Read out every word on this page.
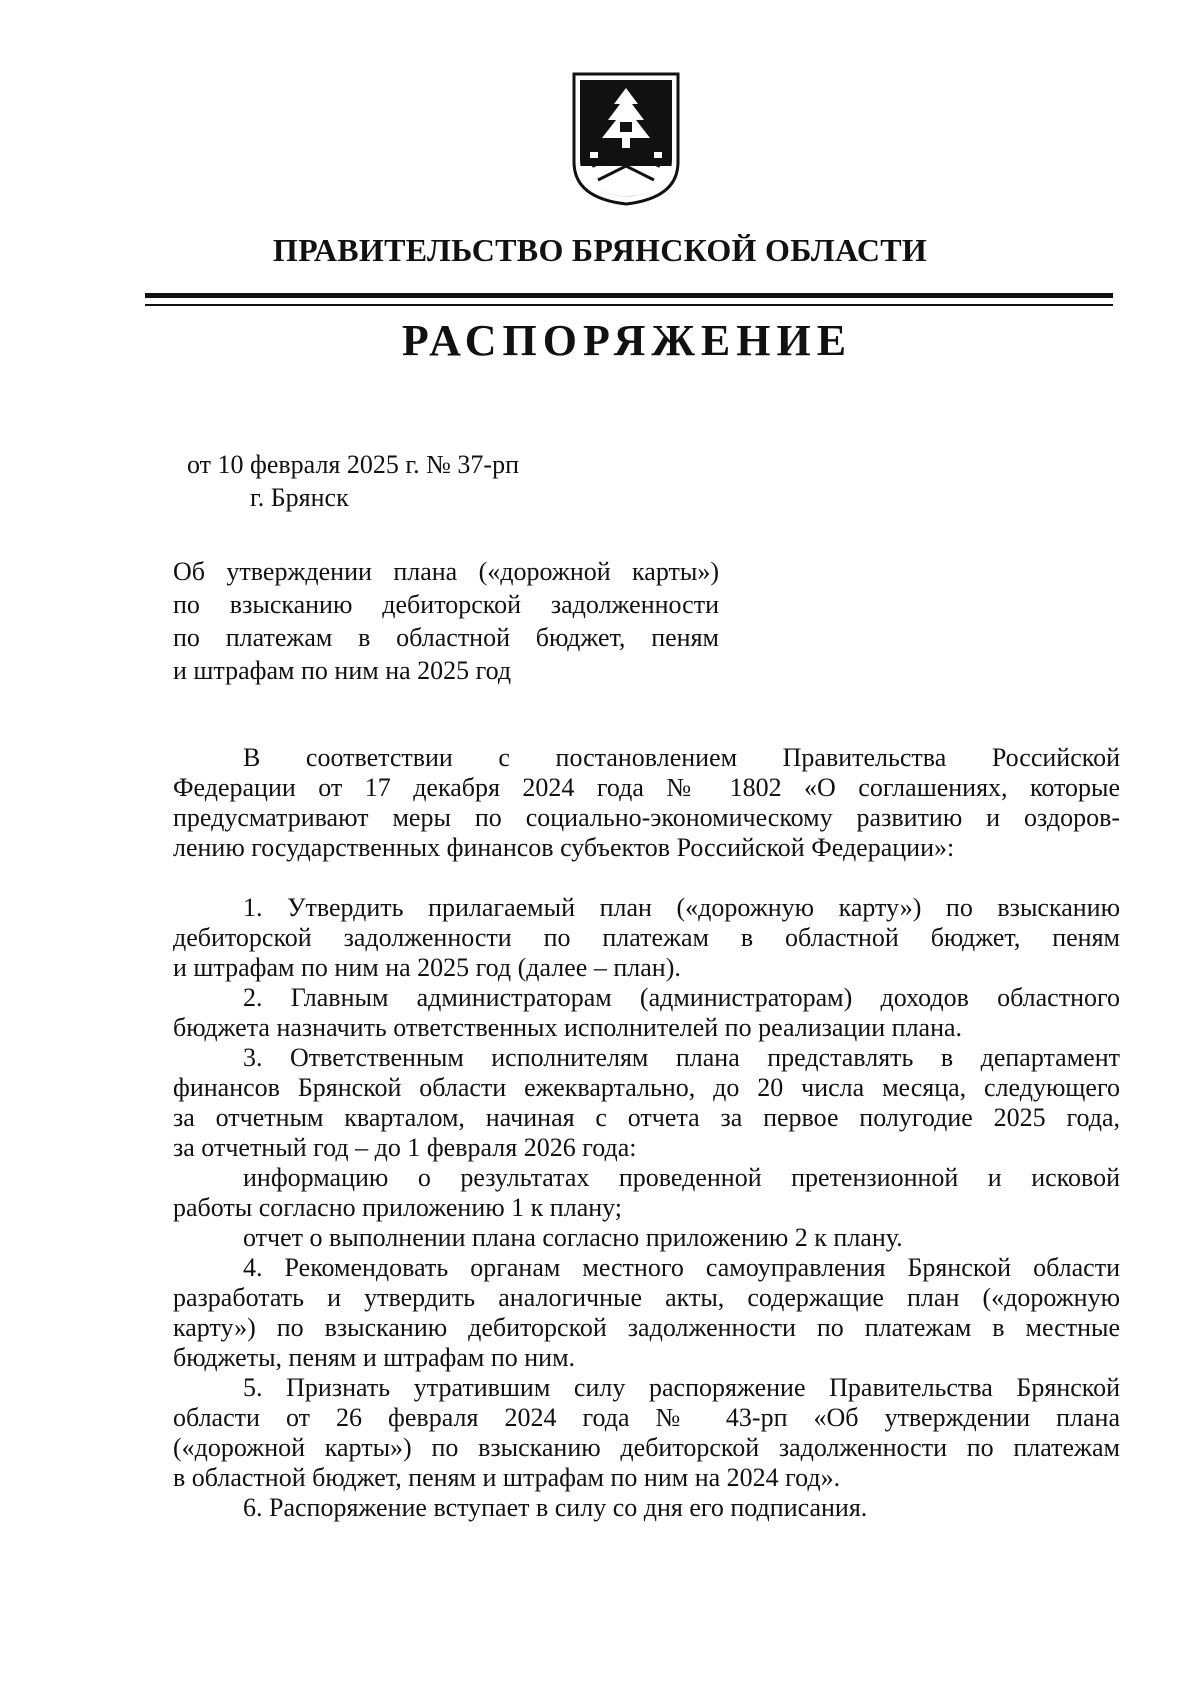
ПРАВИТЕЛЬСТВО БРЯНСКОЙ ОБЛАСТИ
РАСПОРЯЖЕНИЕ
от 10 февраля 2025 г. № 37-рп
г. Брянск
Об утверждении плана («дорожной карты»)
по взысканию дебиторской задолженности
по платежам в областной бюджет, пеням
и штрафам по ним на 2025 год
В соответствии с постановлением Правительства Российской
Федерации от 17 декабря 2024 года № 1802 «О соглашениях, которые
предусматривают меры по социально-экономическому развитию и оздоров-
лению государственных финансов субъектов Российской Федерации»:
1. Утвердить прилагаемый план («дорожную карту») по взысканию
дебиторской задолженности по платежам в областной бюджет, пеням
и штрафам по ним на 2025 год (далее – план).
2. Главным администраторам (администраторам) доходов областного
бюджета назначить ответственных исполнителей по реализации плана.
3. Ответственным исполнителям плана представлять в департамент
финансов Брянской области ежеквартально, до 20 числа месяца, следующего
за отчетным кварталом, начиная с отчета за первое полугодие 2025 года,
за отчетный год – до 1 февраля 2026 года:
информацию о результатах проведенной претензионной и исковой
работы согласно приложению 1 к плану;
отчет о выполнении плана согласно приложению 2 к плану.
4. Рекомендовать органам местного самоуправления Брянской области
разработать и утвердить аналогичные акты, содержащие план («дорожную
карту») по взысканию дебиторской задолженности по платежам в местные
бюджеты, пеням и штрафам по ним.
5. Признать утратившим силу распоряжение Правительства Брянской
области от 26 февраля 2024 года № 43-рп «Об утверждении плана
(«дорожной карты») по взысканию дебиторской задолженности по платежам
в областной бюджет, пеням и штрафам по ним на 2024 год».
6. Распоряжение вступает в силу со дня его подписания.
